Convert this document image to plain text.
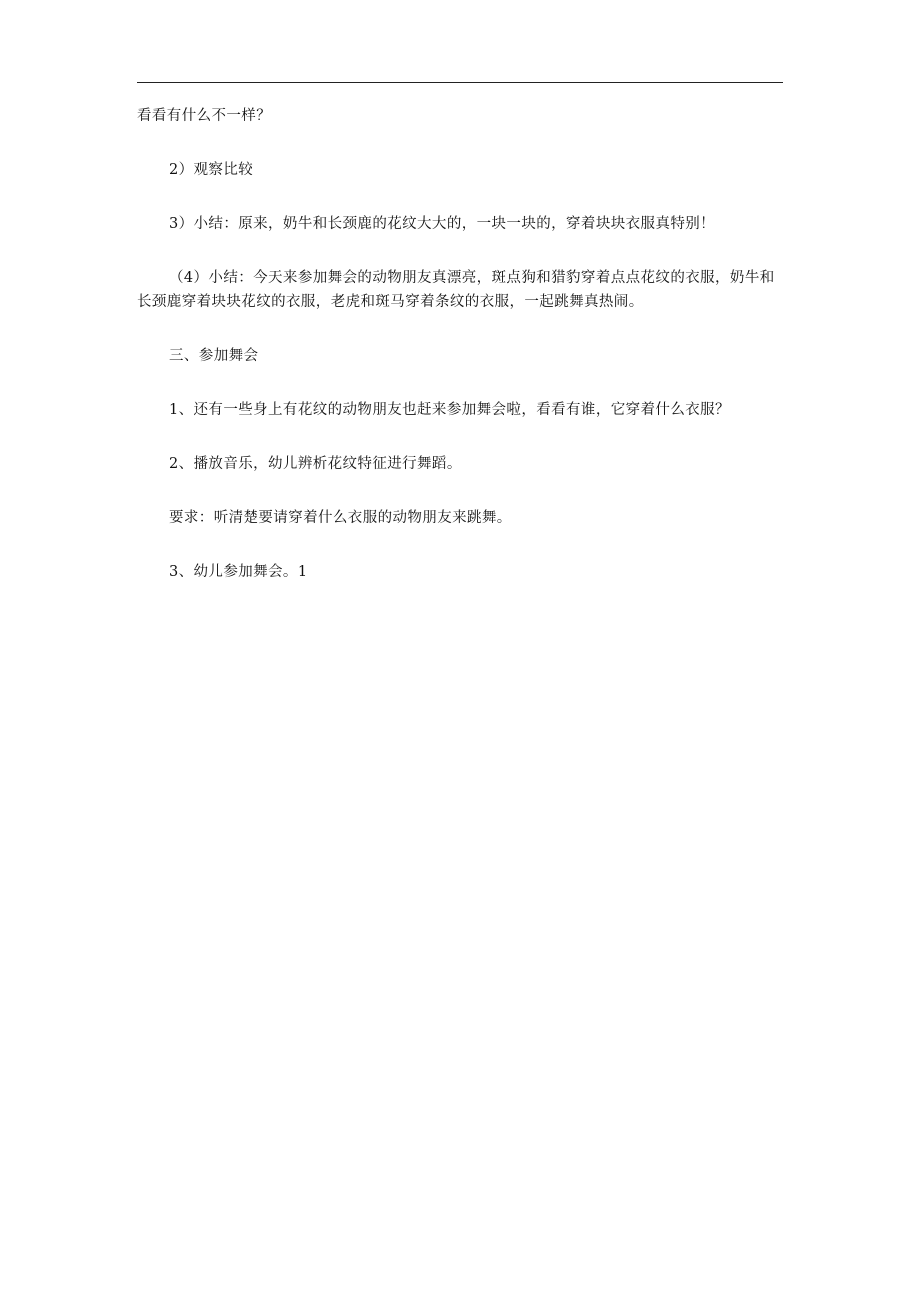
看看有什么不一样？

2）观察比较

3）小结：原来，奶牛和长颈鹿的花纹大大的，一块一块的，穿着块块衣服真特别！

（4）小结：今天来参加舞会的动物朋友真漂亮，斑点狗和猎豹穿着点点花纹的衣服，奶牛和长颈鹿穿着块块花纹的衣服，老虎和斑马穿着条纹的衣服，一起跳舞真热闹。

三、参加舞会

1、还有一些身上有花纹的动物朋友也赶来参加舞会啦，看看有谁，它穿着什么衣服？

2、播放音乐，幼儿辨析花纹特征进行舞蹈。

要求：听清楚要请穿着什么衣服的动物朋友来跳舞。

3、幼儿参加舞会。1
